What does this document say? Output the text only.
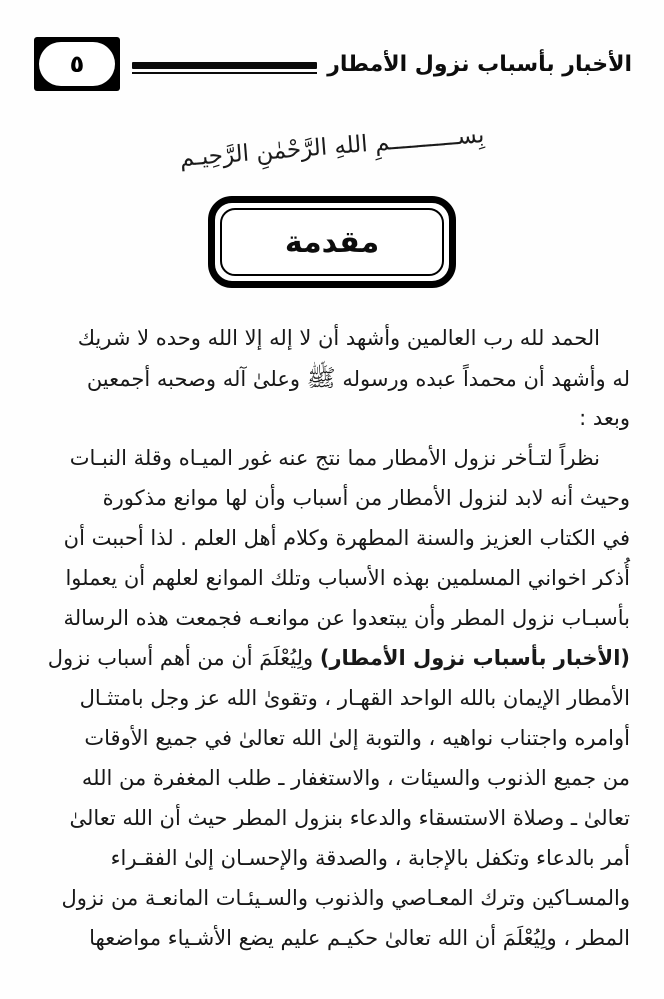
الأخبار بأسباب نزول الأمطار
٥
بِســــــــــمِ اللهِ الرَّحْمٰنِ الرَّحِيـم
مقدمة
الحمد لله رب العالمين وأشهد أن لا إله إلا الله وحده لا شريك
له وأشهد أن محمداً عبده ورسوله ﷺ وعلىٰ آله وصحبه أجمعين
وبعد :
نظراً لتـأخر نزول الأمطار مما نتج عنه غور الميـاه وقلة النبـات
وحيث أنه لابد لنزول الأمطار من أسباب وأن لها موانع مذكورة
في الكتاب العزيز والسنة المطهرة وكلام أهل العلم . لذا أحببت أن
أُذكر اخواني المسلمين بهذه الأسباب وتلك الموانع لعلهم أن يعملوا
بأسبـاب نزول المطر وأن يبتعدوا عن موانعـه فجمعت هذه الرسالة
(الأخبار بأسباب نزول الأمطار) ولِيُعْلَمَ أن من أهم أسباب نزول
الأمطار الإيمان بالله الواحد القهـار ، وتقوىٰ الله عز وجل بامتثـال
أوامره واجتناب نواهيه ، والتوبة إلىٰ الله تعالىٰ في جميع الأوقات
من جميع الذنوب والسيئات ، والاستغفار ـ طلب المغفرة من الله
تعالىٰ ـ وصلاة الاستسقاء والدعاء بنزول المطر حيث أن الله تعالىٰ
أمر بالدعاء وتكفل بالإجابة ، والصدقة والإحسـان إلىٰ الفقـراء
والمسـاكين وترك المعـاصي والذنوب والسـيئـات المانعـة من نزول
المطر ، ولِيُعْلَمَ أن الله تعالىٰ حكيـم عليم يضع الأشـياء مواضعها
